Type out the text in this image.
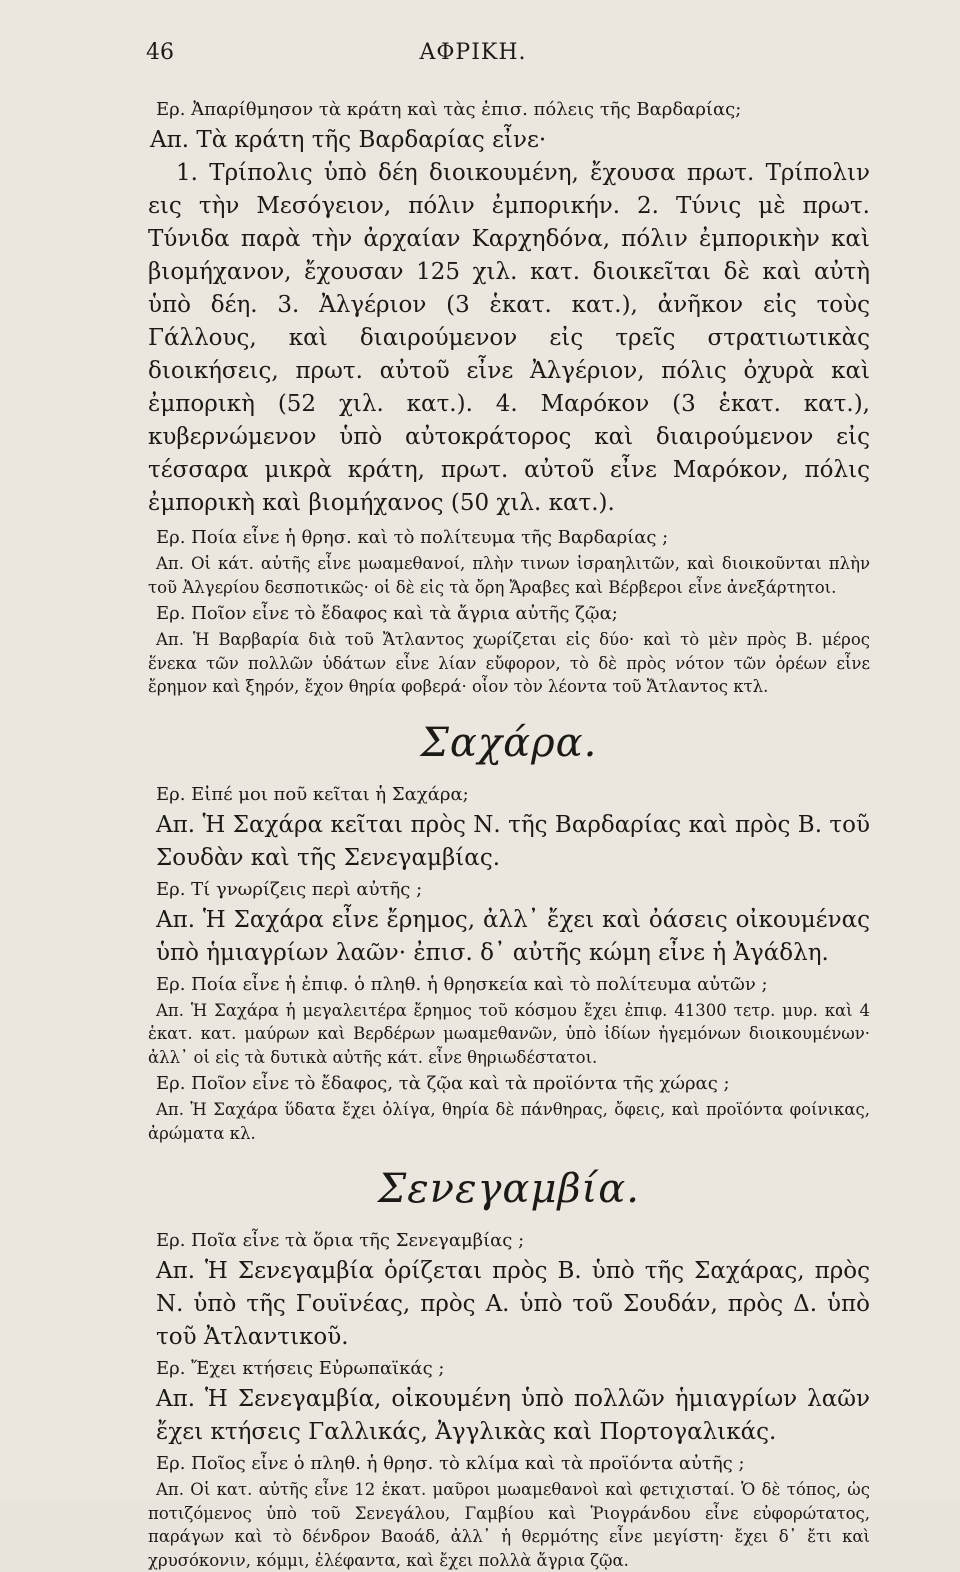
46	ΑΦΡΙΚΗ.

Ερ. Ἀπαρίθμησον τὰ κράτη καὶ τὰς ἐπισ. πόλεις τῆς Βαρδαρίας;

Απ. Τὰ κράτη τῆς Βαρδαρίας εἶνε·

1. Τρίπολις ὑπὸ δέη διοικουμένη, ἔχουσα πρωτ. Τρίπολιν εις τὴν Μεσόγειον, πόλιν ἐμπορικήν. 2. Τύνις μὲ πρωτ. Τύνιδα παρὰ τὴν ἀρχαίαν Καρχηδόνα, πόλιν ἐμπορικὴν καὶ βιομήχανον, ἔχουσαν 125 χιλ. κατ. διοικεῖται δὲ καὶ αὐτὴ ὑπὸ δέη. 3. Ἀλγέριον (3 ἑκατ. κατ.), ἀνῆκον εἰς τοὺς Γάλλους, καὶ διαιρούμενον εἰς τρεῖς στρατιωτικὰς διοικήσεις, πρωτ. αὐτοῦ εἶνε Ἀλγέριον, πόλις ὀχυρὰ καὶ ἐμπορικὴ (52 χιλ. κατ.). 4. Μαρόκον (3 ἑκατ. κατ.), κυβερνώμενον ὑπὸ αὐτοκράτορος καὶ διαιρούμενον εἰς τέσσαρα μικρὰ κράτη, πρωτ. αὐτοῦ εἶνε Μαρόκον, πόλις ἐμπορικὴ καὶ βιομήχανος (50 χιλ. κατ.).

Ερ. Ποία εἶνε ἡ θρησ. καὶ τὸ πολίτευμα τῆς Βαρδαρίας ;

Απ. Οἱ κάτ. αὐτῆς εἶνε μωαμεθανοί, πλὴν τινων ἰσραηλιτῶν, καὶ διοικοῦνται πλὴν τοῦ Ἀλγερίου δεσποτικῶς· οἱ δὲ εἰς τὰ ὄρη Ἄραβες καὶ Βέρβεροι εἶνε ἀνεξάρτητοι.

Ερ. Ποῖον εἶνε τὸ ἔδαφος καὶ τὰ ἄγρια αὐτῆς ζῷα;

Απ. Ἡ Βαρβαρία διὰ τοῦ Ἄτλαντος χωρίζεται εἰς δύο· καὶ τὸ μὲν πρὸς Β. μέρος ἕνεκα τῶν πολλῶν ὑδάτων εἶνε λίαν εὔφορον, τὸ δὲ πρὸς νότον τῶν ὀρέων εἶνε ἔρημον καὶ ξηρόν, ἔχον θηρία φοβερά· οἷον τὸν λέοντα τοῦ Ἄτλαντος κτλ.

Σαχάρα.

Ερ. Εἰπέ μοι ποῦ κεῖται ἡ Σαχάρα;

Απ. Ἡ Σαχάρα κεῖται πρὸς Ν. τῆς Βαρδαρίας καὶ πρὸς Β. τοῦ Σουδὰν καὶ τῆς Σενεγαμβίας.

Ερ. Τί γνωρίζεις περὶ αὐτῆς ;

Απ. Ἡ Σαχάρα εἶνε ἔρημος, ἀλλ᾽ ἔχει καὶ ὀάσεις οἰκουμένας ὑπὸ ἡμιαγρίων λαῶν· ἐπισ. δ᾽ αὐτῆς κώμη εἶνε ἡ Ἀγάδλη.

Ερ. Ποία εἶνε ἡ ἐπιφ. ὁ πληθ. ἡ θρησκεία καὶ τὸ πολίτευμα αὐτῶν ;

Απ. Ἡ Σαχάρα ἡ μεγαλειτέρα ἔρημος τοῦ κόσμου ἔχει ἐπιφ. 41300 τετρ. μυρ. καὶ 4 ἑκατ. κατ. μαύρων καὶ Βερδέρων μωαμεθανῶν, ὑπὸ ἰδίων ἡγεμόνων διοικουμένων· ἀλλ᾽ οἱ εἰς τὰ δυτικὰ αὐτῆς κάτ. εἶνε θηριωδέστατοι.

Ερ. Ποῖον εἶνε τὸ ἔδαφος, τὰ ζῷα καὶ τὰ προϊόντα τῆς χώρας ;

Απ. Ἡ Σαχάρα ὕδατα ἔχει ὀλίγα, θηρία δὲ πάνθηρας, ὄφεις, καὶ προϊόντα φοίνικας, ἀρώματα κλ.

Σενεγαμβία.

Ερ. Ποῖα εἶνε τὰ ὅρια τῆς Σενεγαμβίας ;

Απ. Ἡ Σενεγαμβία ὁρίζεται πρὸς Β. ὑπὸ τῆς Σαχάρας, πρὸς Ν. ὑπὸ τῆς Γουϊνέας, πρὸς Α. ὑπὸ τοῦ Σουδάν, πρὸς Δ. ὑπὸ τοῦ Ἀτλαντικοῦ.

Ερ. Ἔχει κτήσεις Εὐρωπαϊκάς ;

Απ. Ἡ Σενεγαμβία, οἰκουμένη ὑπὸ πολλῶν ἡμιαγρίων λαῶν ἔχει κτήσεις Γαλλικάς, Ἀγγλικὰς καὶ Πορτογαλικάς.

Ερ. Ποῖος εἶνε ὁ πληθ. ἡ θρησ. τὸ κλίμα καὶ τὰ προϊόντα αὐτῆς ;

Απ. Οἱ κατ. αὐτῆς εἶνε 12 ἑκατ. μαῦροι μωαμεθανοὶ καὶ φετιχισταί. Ὁ δὲ τόπος, ὡς ποτιζόμενος ὑπὸ τοῦ Σενεγάλου, Γαμβίου καὶ Ῥιογράνδου εἶνε εὐφορώτατος, παράγων καὶ τὸ δένδρον Βαοάδ, ἀλλ᾽ ἡ θερμότης εἶνε μεγίστη· ἔχει δ᾽ ἔτι καὶ χρυσόκονιν, κόμμι, ἐλέφαντα, καὶ ἔχει πολλὰ ἄγρια ζῷα.
